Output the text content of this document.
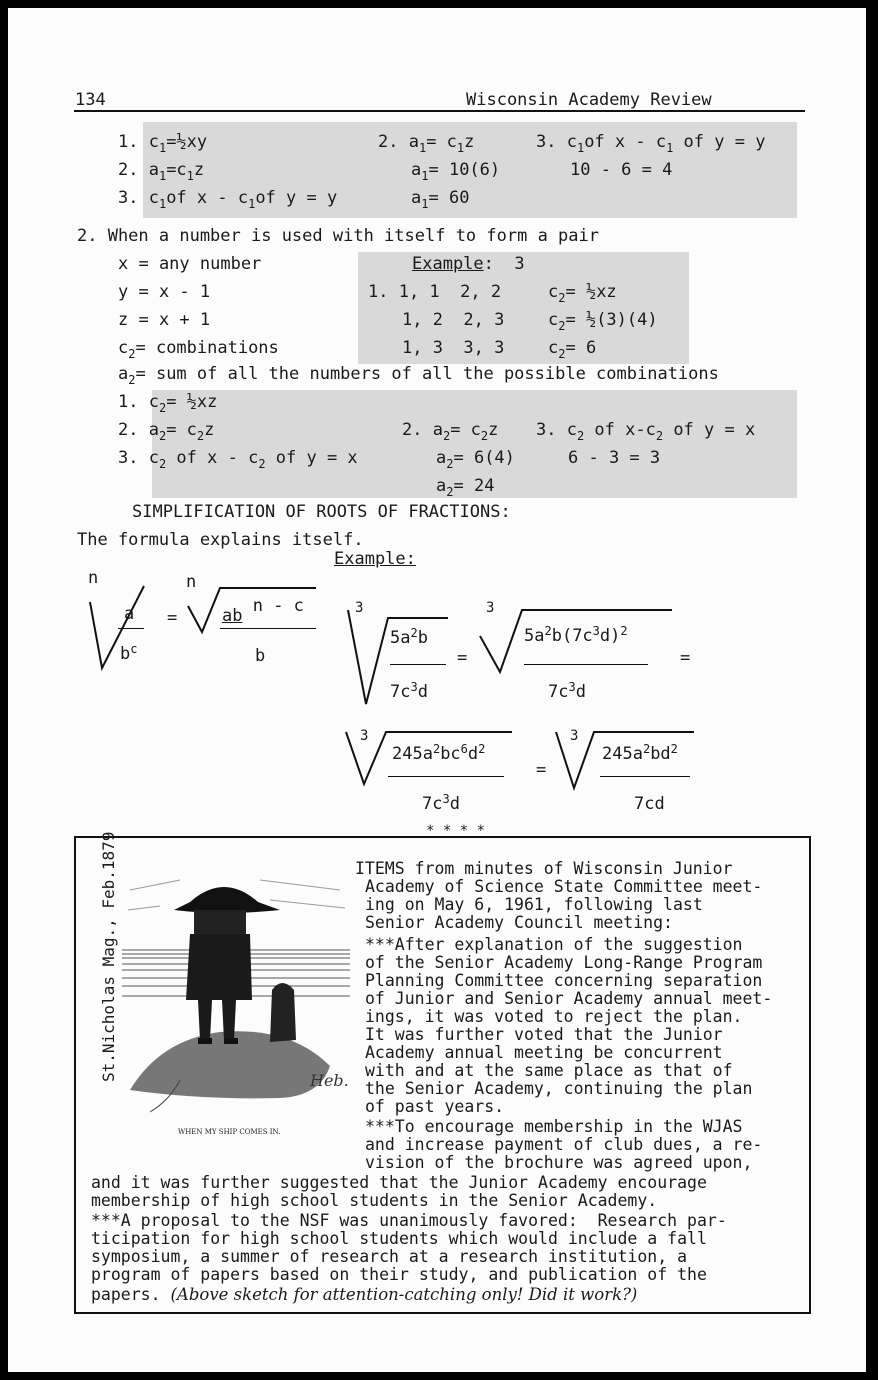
134	Wisconsin Academy Review
1. $c_1=\frac{1}{2}xy$
2. $a_1=c_1z$
3. $c_1of$ x - $c_1of$ y = y
2. $a_1= c_1z$
$a_1= 10(6)$
$a_1= 60$
3. $c_1of$ x - $c_1$ of y = y
10 - 6 = 4
2. When a number is used with itself to form a pair
x = any number
y = x - 1
z = x + 1
$c_2=$ combinations
Example:  3
1. 1, 1  2, 2
1, 2  2, 3
1, 3  3, 3
$c_2=$ ½xz
$c_2=$ ½(3)(4)
$c_2= 6$
$a_2=$ sum of all the numbers of all the possible combinations
1. $c_2=$ ½xz
2. $a_2= c_2z$
3. $c_2$ of x - $c_2$ of y = x
2. $a_2= c_2z$
$a_2= 6(4)$
$a_2= 24$
3. $c_2$ of $x-c_2$ of y = x
6 - 3 = 3
SIMPLIFICATION OF ROOTS OF FRACTIONS:
The formula explains itself.
Example:
n
a
$b^c$
=
n
ab n - c
b
3
$5a^2b$
$7c^3d$
=
3
$5a^2b(7c^3d)^2$
$7c^3d$
=
3
$245a^2bc^6d^2$
$7c^3d$
=
3
$245a^2bd^2$
7cd
* * * *
St.Nicholas Mag., Feb.1879	Heb.
WHEN MY SHIP COMES IN.
ITEMS from minutes of Wisconsin Junior
Academy of Science State Committee meet-
ing on May 6, 1961, following last
Senior Academy Council meeting:
***After explanation of the suggestion
of the Senior Academy Long-Range Program
Planning Committee concerning separation
of Junior and Senior Academy annual meet-
ings, it was voted to reject the plan.
It was further voted that the Junior
Academy annual meeting be concurrent
with and at the same place as that of
the Senior Academy, continuing the plan
of past years.
***To encourage membership in the WJAS
and increase payment of club dues, a re-
vision of the brochure was agreed upon,
and it was further suggested that the Junior Academy encourage
membership of high school students in the Senior Academy.
***A proposal to the NSF was unanimously favored:  Research par-
ticipation for high school students which would include a fall
symposium, a summer of research at a research institution, a
program of papers based on their study, and publication of the
papers. (Above sketch for attention-catching only! Did it work?)
